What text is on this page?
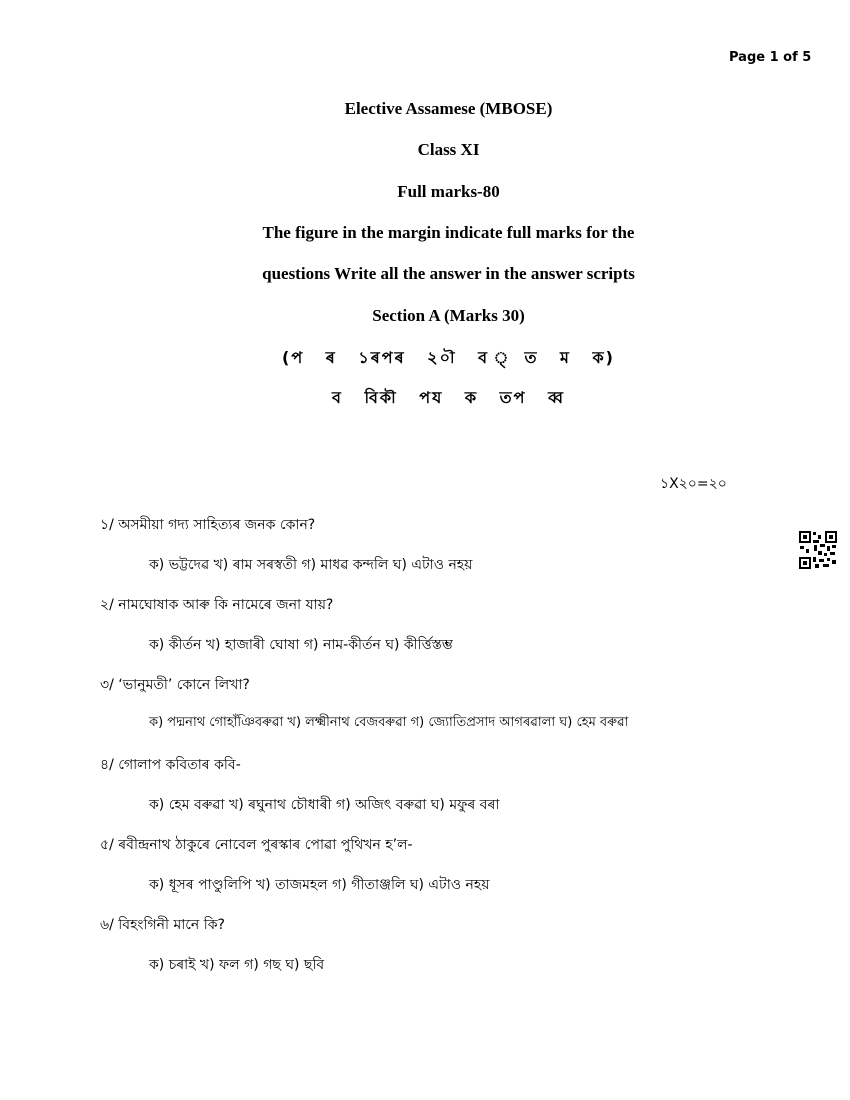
Page 1 of 5
Elective Assamese (MBOSE)
Class XI
Full marks-80
The figure in the margin indicate full marks for the
questions Write all the answer in the answer scripts
Section A (Marks 30)
(প ৰ ১ৰপৰ ২০ৗ ব ্ত ম ক)
ব বিকৗ পয ক তপ ব্ব
১X২০=২০
১/ অসমীয়া গদ্য সাহিত্যৰ জনক কোন?
ক) ভট্টদেৱ খ) ৰাম সৰস্বতী গ) মাধৱ কন্দলি ঘ) এটাও নহয়
২/ নামঘোষাক আৰু কি নামেৰে জনা যায়?
ক) কীৰ্তন খ) হাজাৰী ঘোষা গ) নাম-কীৰ্তন ঘ) কীৰ্ত্তিস্তম্ভ
৩/ ‘ভানুমতী’ কোনে লিখা?
ক) পদ্মনাথ গোহাঁঞিবৰুৱা খ) লক্ষ্মীনাথ বেজবৰুৱা গ) জ্যোতিপ্ৰসাদ আগৰৱালা ঘ) হেম বৰুৱা
৪/ গোলাপ কবিতাৰ কবি-
ক) হেম বৰুৱা খ) ৰঘুনাথ চৌধাৰী গ) অজিৎ বৰুৱা ঘ) মফুৰ বৰা
৫/ ৰবীন্দ্ৰনাথ ঠাকুৰে নোবেল পুৰস্কাৰ পোৱা পুথিখন হ’ল-
ক) ধূসৰ পাণ্ডুলিপি খ) তাজমহল গ) গীতাঞ্জলি ঘ) এটাও নহয়
৬/ বিহংগিনী মানে কি?
ক) চৰাই খ) ফল গ) গছ ঘ) ছবি
